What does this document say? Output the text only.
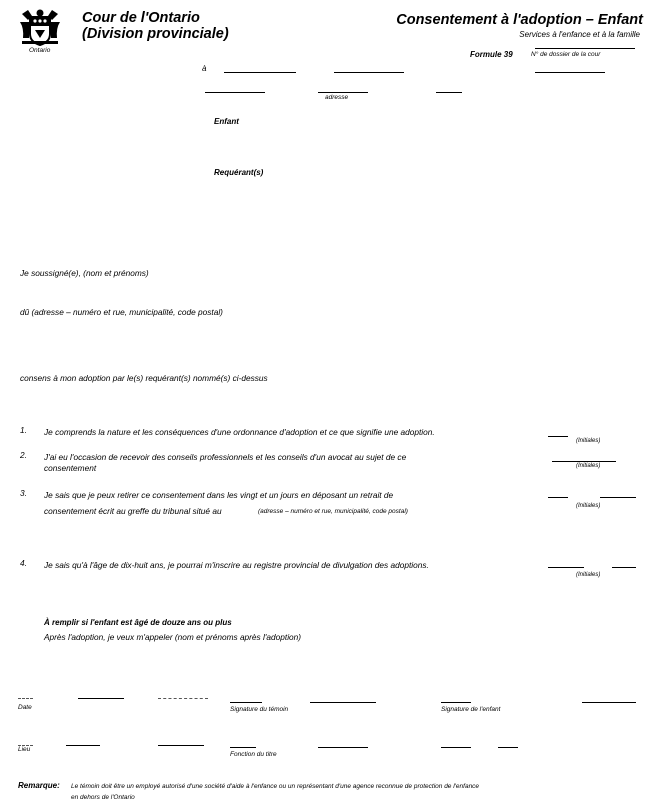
Ontario
Cour de l'Ontario
(Division provinciale)
Consentement à l'adoption – Enfant
Services à l'enfance et à la famille
Formule 39	N° de dossier de la cour
à
adresse
Enfant
Requérant(s)
Je soussigné(e), (nom et prénoms)
dû (adresse – numéro et rue, municipalité, code postal)
consens à mon adoption par le(s) requérant(s) nommé(s) ci-dessus
1. Je comprends la nature et les conséquences d'une ordonnance d'adoption et ce que signifie une adoption.
(Initiales)
2. J'ai eu l'occasion de recevoir des conseils professionnels et les conseils d'un avocat au sujet de ce
consentement	(Initiales)
3. Je sais que je peux retirer ce consentement dans les vingt et un jours en déposant un retrait de
consentement écrit au greffe du tribunal situé au	(adresse – numéro et rue, municipalité, code postal)
(Initiales)
4. Je sais qu'à l'âge de dix-huit ans, je pourrai m'inscrire au registre provincial de divulgation des adoptions.
(Initiales)
À remplir si l'enfant est âgé de douze ans ou plus
Après l'adoption, je veux m'appeler (nom et prénoms après l'adoption)
Date	Signature du témoin	Signature de l'enfant
Lieu
Fonction du titre
Remarque: Le témoin doit être un employé autorisé d'une société d'aide à l'enfance ou un représentant d'une agence reconnue de protection de l'enfance
en dehors de l'Ontario
